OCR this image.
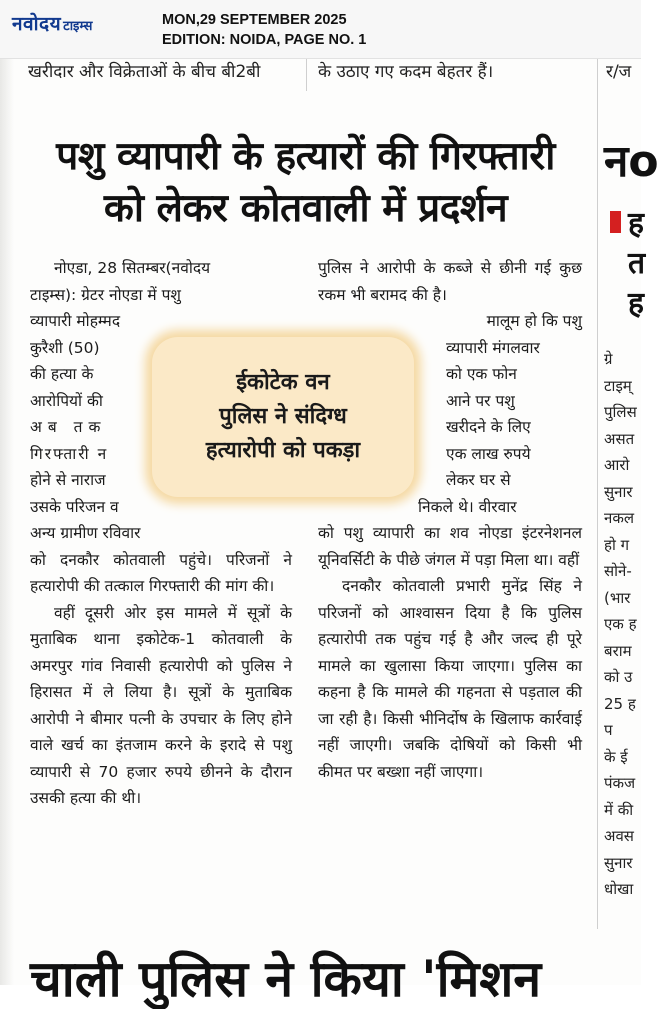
नवोदय टाइम्स	MON,29 SEPTEMBER 2025
EDITION: NOIDA, PAGE NO. 1
खरीदार और विक्रेताओं के बीच बी2बी	के उठाए गए कदम बेहतर हैं।	र/ज
पशु व्यापारी के हत्यारों की गिरफ्तारी
को लेकर कोतवाली में प्रदर्शन
नोएडा, 28 सितम्बर(नवोदय
टाइम्स): ग्रेटर नोएडा में पशु
व्यापारी मोहम्मद
कुरैशी (50)
की हत्या के
आरोपियों की
अब तक
गिरफ्तारी न
होने से नाराज
उसके परिजन व
अन्य ग्रामीण रविवार

को दनकौर कोतवाली पहुंचे। परिजनों ने हत्यारोपी की तत्काल गिरफ्तारी की मांग की।

वहीं दूसरी ओर इस मामले में सूत्रों के मुताबिक थाना इकोटेक-1 कोतवाली के अमरपुर गांव निवासी हत्यारोपी को पुलिस ने हिरासत में ले लिया है। सूत्रों के मुताबिक आरोपी ने बीमार पत्नी के उपचार के लिए होने वाले खर्च का इंतजाम करने के इरादे से पशु व्यापारी से 70 हजार रुपये छीनने के दौरान उसकी हत्या की थी।

पुलिस ने आरोपी के कब्जे से छीनी गई कुछ रकम भी बरामद की है।

मालूम हो कि पशु
व्यापारी मंगलवार
को एक फोन
आने पर पशु
खरीदने के लिए
एक लाख रुपये
लेकर घर से
निकले थे। वीरवार

को पशु व्यापारी का शव नोएडा इंटरनेशनल यूनिवर्सिटी के पीछे जंगल में पड़ा मिला था। वहीं

दनकौर कोतवाली प्रभारी मुनेंद्र सिंह ने परिजनों को आश्वासन दिया है कि पुलिस हत्यारोपी तक पहुंच गई है और जल्द ही पूरे मामले का खुलासा किया जाएगा। पुलिस का कहना है कि मामले की गहनता से पड़ताल की जा रही है। किसी भीनिर्दोष के खिलाफ कार्रवाई नहीं जाएगी। जबकि दोषियों को किसी भी कीमत पर बख्शा नहीं जाएगा।

ईकोटेक वन
पुलिस ने संदिग्ध
हत्यारोपी को पकड़ा
नo
ह
त
ह
ग्रे
टाइम्
पुलिस
असत
आरो
सुनार
नकल
हो ग
सोने-
(भार
एक ह
बराम
को उ
25 ह
प
के ई
पंकज
में की
अवस
सुनार
धोखा
चाली पुलिस ने किया 'मिशन
